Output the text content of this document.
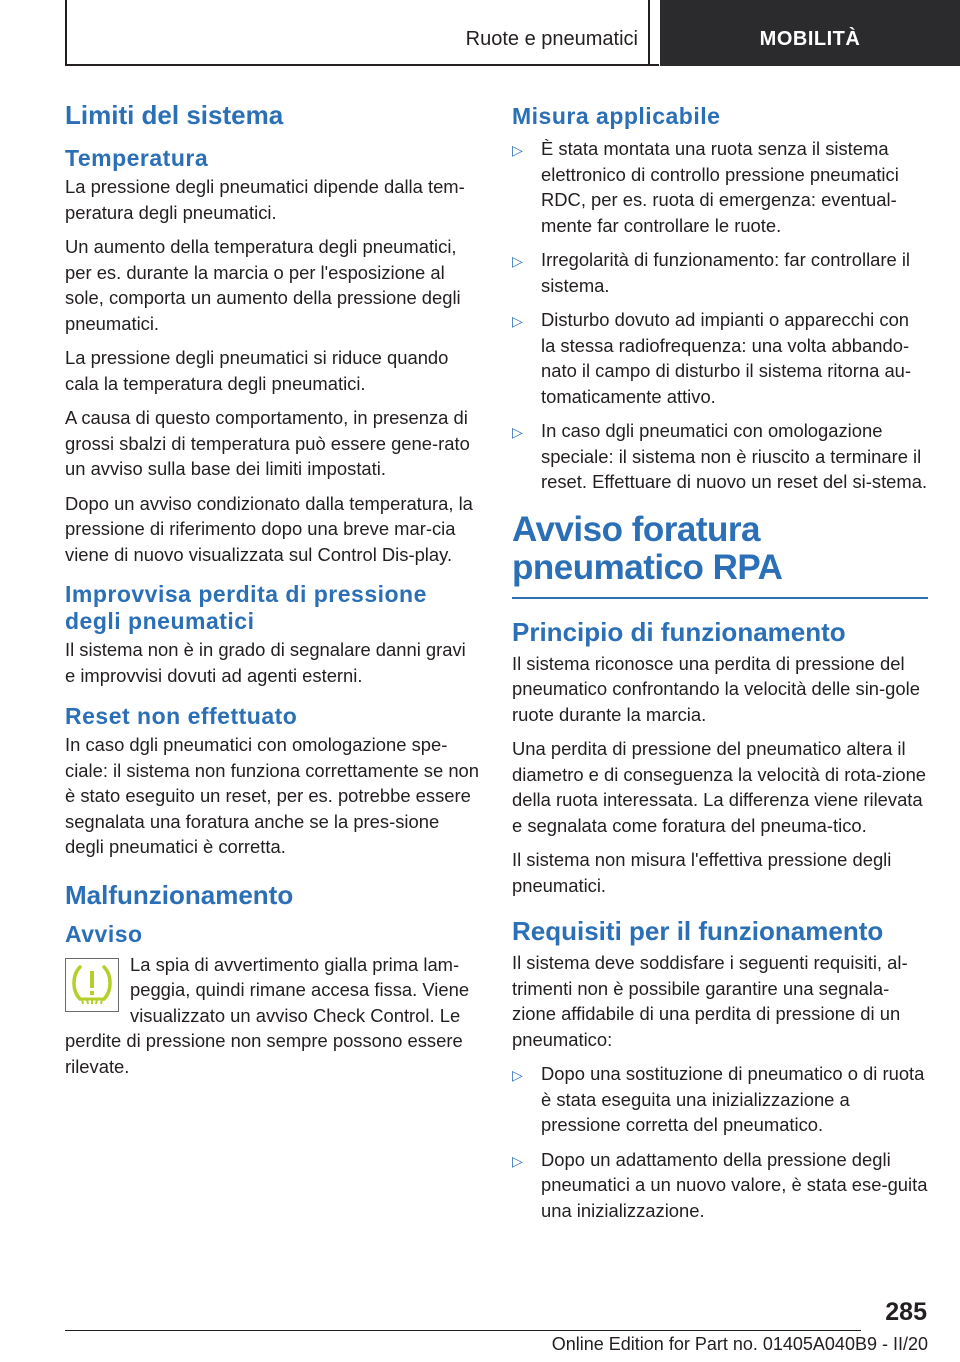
Ruote e pneumatici	MOBILITÀ
Limiti del sistema
Temperatura

La pressione degli pneumatici dipende dalla tem-peratura degli pneumatici.

Un aumento della temperatura degli pneumatici, per es. durante la marcia o per l'esposizione al sole, comporta un aumento della pressione degli pneumatici.

La pressione degli pneumatici si riduce quando cala la temperatura degli pneumatici.

A causa di questo comportamento, in presenza di grossi sbalzi di temperatura può essere gene-rato un avviso sulla base dei limiti impostati.

Dopo un avviso condizionato dalla temperatura, la pressione di riferimento dopo una breve mar-cia viene di nuovo visualizzata sul Control Dis-play.

Improvvisa perdita di pressione degli pneumatici

Il sistema non è in grado di segnalare danni gravi e improvvisi dovuti ad agenti esterni.

Reset non effettuato

In caso dgli pneumatici con omologazione spe-ciale: il sistema non funziona correttamente se non è stato eseguito un reset, per es. potrebbe essere segnalata una foratura anche se la pres-sione degli pneumatici è corretta.

Malfunzionamento
Avviso

La spia di avvertimento gialla prima lam-peggia, quindi rimane accesa fissa. Viene visualizzato un avviso Check Control. Le perdite di pressione non sempre possono essere rilevate.

Misura applicabile
▷ È stata montata una ruota senza il sistema elettronico di controllo pressione pneumatici RDC, per es. ruota di emergenza: eventual-mente far controllare le ruote.
▷ Irregolarità di funzionamento: far controllare il sistema.
▷ Disturbo dovuto ad impianti o apparecchi con la stessa radiofrequenza: una volta abbando-nato il campo di disturbo il sistema ritorna au-tomaticamente attivo.
▷ In caso dgli pneumatici con omologazione speciale: il sistema non è riuscito a terminare il reset. Effettuare di nuovo un reset del si-stema.
Avviso foratura pneumatico RPA
Principio di funzionamento

Il sistema riconosce una perdita di pressione del pneumatico confrontando la velocità delle sin-gole ruote durante la marcia.

Una perdita di pressione del pneumatico altera il diametro e di conseguenza la velocità di rota-zione della ruota interessata. La differenza viene rilevata e segnalata come foratura del pneuma-tico.

Il sistema non misura l'effettiva pressione degli pneumatici.

Requisiti per il funzionamento

Il sistema deve soddisfare i seguenti requisiti, al-trimenti non è possibile garantire una segnala-zione affidabile di una perdita di pressione di un pneumatico:

▷ Dopo una sostituzione di pneumatico o di ruota è stata eseguita una inizializzazione a pressione corretta del pneumatico.
▷ Dopo un adattamento della pressione degli pneumatici a un nuovo valore, è stata ese-guita una inizializzazione.
285
Online Edition for Part no. 01405A040B9 - II/20
